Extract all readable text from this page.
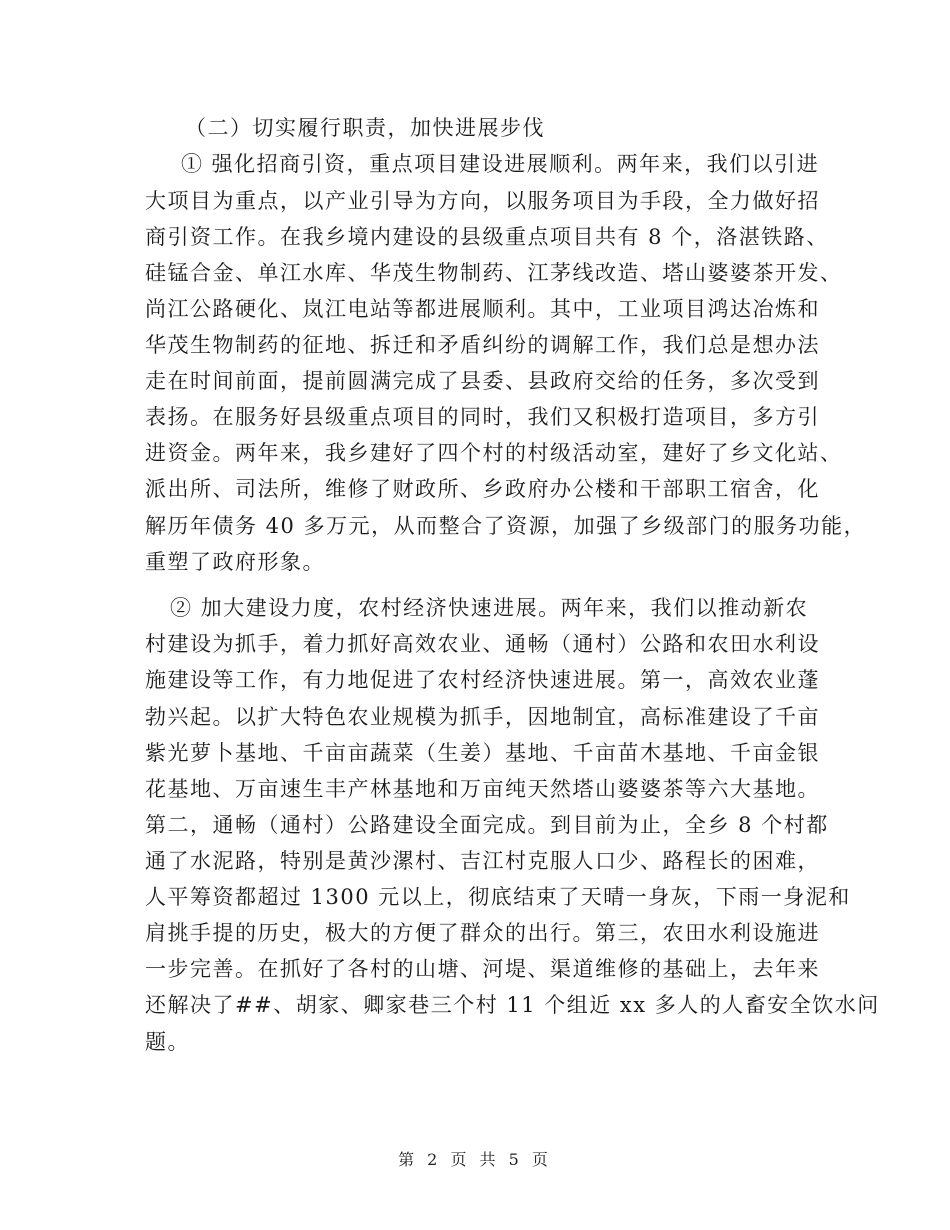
（二）切实履行职责，加快进展步伐
① 强化招商引资，重点项目建设进展顺利。两年来，我们以引进
大项目为重点，以产业引导为方向，以服务项目为手段，全力做好招
商引资工作。在我乡境内建设的县级重点项目共有 8 个，洛湛铁路、
硅锰合金、单江水库、华茂生物制药、江茅线改造、塔山婆婆茶开发、
尚江公路硬化、岚江电站等都进展顺利。其中，工业项目鸿达冶炼和
华茂生物制药的征地、拆迁和矛盾纠纷的调解工作，我们总是想办法
走在时间前面，提前圆满完成了县委、县政府交给的任务，多次受到
表扬。在服务好县级重点项目的同时，我们又积极打造项目，多方引
进资金。两年来，我乡建好了四个村的村级活动室，建好了乡文化站、
派出所、司法所，维修了财政所、乡政府办公楼和干部职工宿舍，化
解历年债务 40 多万元，从而整合了资源，加强了乡级部门的服务功能，
重塑了政府形象。
② 加大建设力度，农村经济快速进展。两年来，我们以推动新农
村建设为抓手，着力抓好高效农业、通畅（通村）公路和农田水利设
施建设等工作，有力地促进了农村经济快速进展。第一，高效农业蓬
勃兴起。以扩大特色农业规模为抓手，因地制宜，高标准建设了千亩
紫光萝卜基地、千亩亩蔬菜（生姜）基地、千亩苗木基地、千亩金银
花基地、万亩速生丰产林基地和万亩纯天然塔山婆婆茶等六大基地。
第二，通畅（通村）公路建设全面完成。到目前为止，全乡 8 个村都
通了水泥路，特别是黄沙漯村、吉江村克服人口少、路程长的困难，
人平筹资都超过 1300 元以上，彻底结束了天晴一身灰，下雨一身泥和
肩挑手提的历史，极大的方便了群众的出行。第三，农田水利设施进
一步完善。在抓好了各村的山塘、河堤、渠道维修的基础上，去年来
还解决了##、胡家、卿家巷三个村 11 个组近 xx 多人的人畜安全饮水问
题。
第 2 页 共 5 页
